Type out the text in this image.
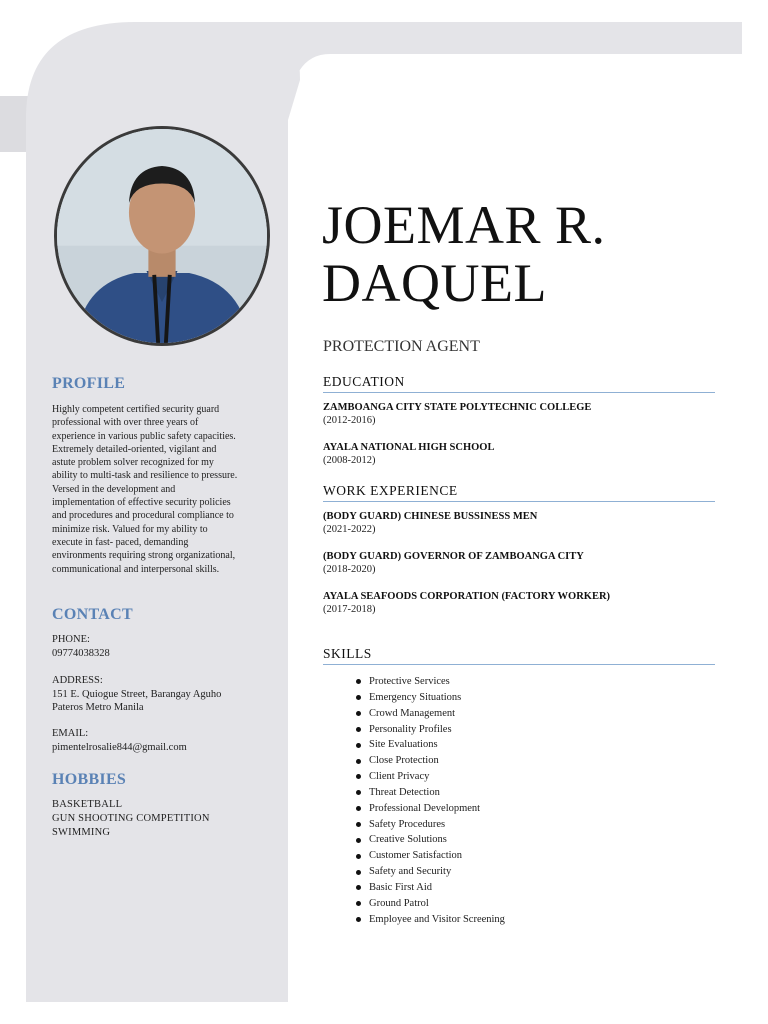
PROFILE
Highly competent certified security guard
professional with over three years of
experience in various public safety capacities.
Extremely detailed-oriented, vigilant and
astute problem solver recognized for my
ability to multi-task and resilience to pressure.
Versed in the development and
implementation of effective security policies
and procedures and procedural compliance to
minimize risk. Valued for my ability to
execute in fast- paced, demanding
environments requiring strong organizational,
communicational and interpersonal skills.
CONTACT
PHONE:
09774038328
ADDRESS:
151 E. Quiogue Street, Barangay Aguho
Pateros Metro Manila
EMAIL:
pimentelrosalie844@gmail.com
HOBBIES
BASKETBALL
GUN SHOOTING COMPETITION
SWIMMING
JOEMAR R.
DAQUEL
PROTECTION AGENT
EDUCATION
ZAMBOANGA CITY STATE POLYTECHNIC COLLEGE
(2012-2016)
AYALA NATIONAL HIGH SCHOOL
(2008-2012)
WORK EXPERIENCE
(BODY GUARD) CHINESE BUSSINESS MEN
(2021-2022)
(BODY GUARD) GOVERNOR OF ZAMBOANGA CITY
(2018-2020)
AYALA SEAFOODS CORPORATION (FACTORY WORKER)
(2017-2018)
SKILLS
Protective Services
Emergency Situations
Crowd Management
Personality Profiles
Site Evaluations
Close Protection
Client Privacy
Threat Detection
Professional Development
Safety Procedures
Creative Solutions
Customer Satisfaction
Safety and Security
Basic First Aid
Ground Patrol
Employee and Visitor Screening
